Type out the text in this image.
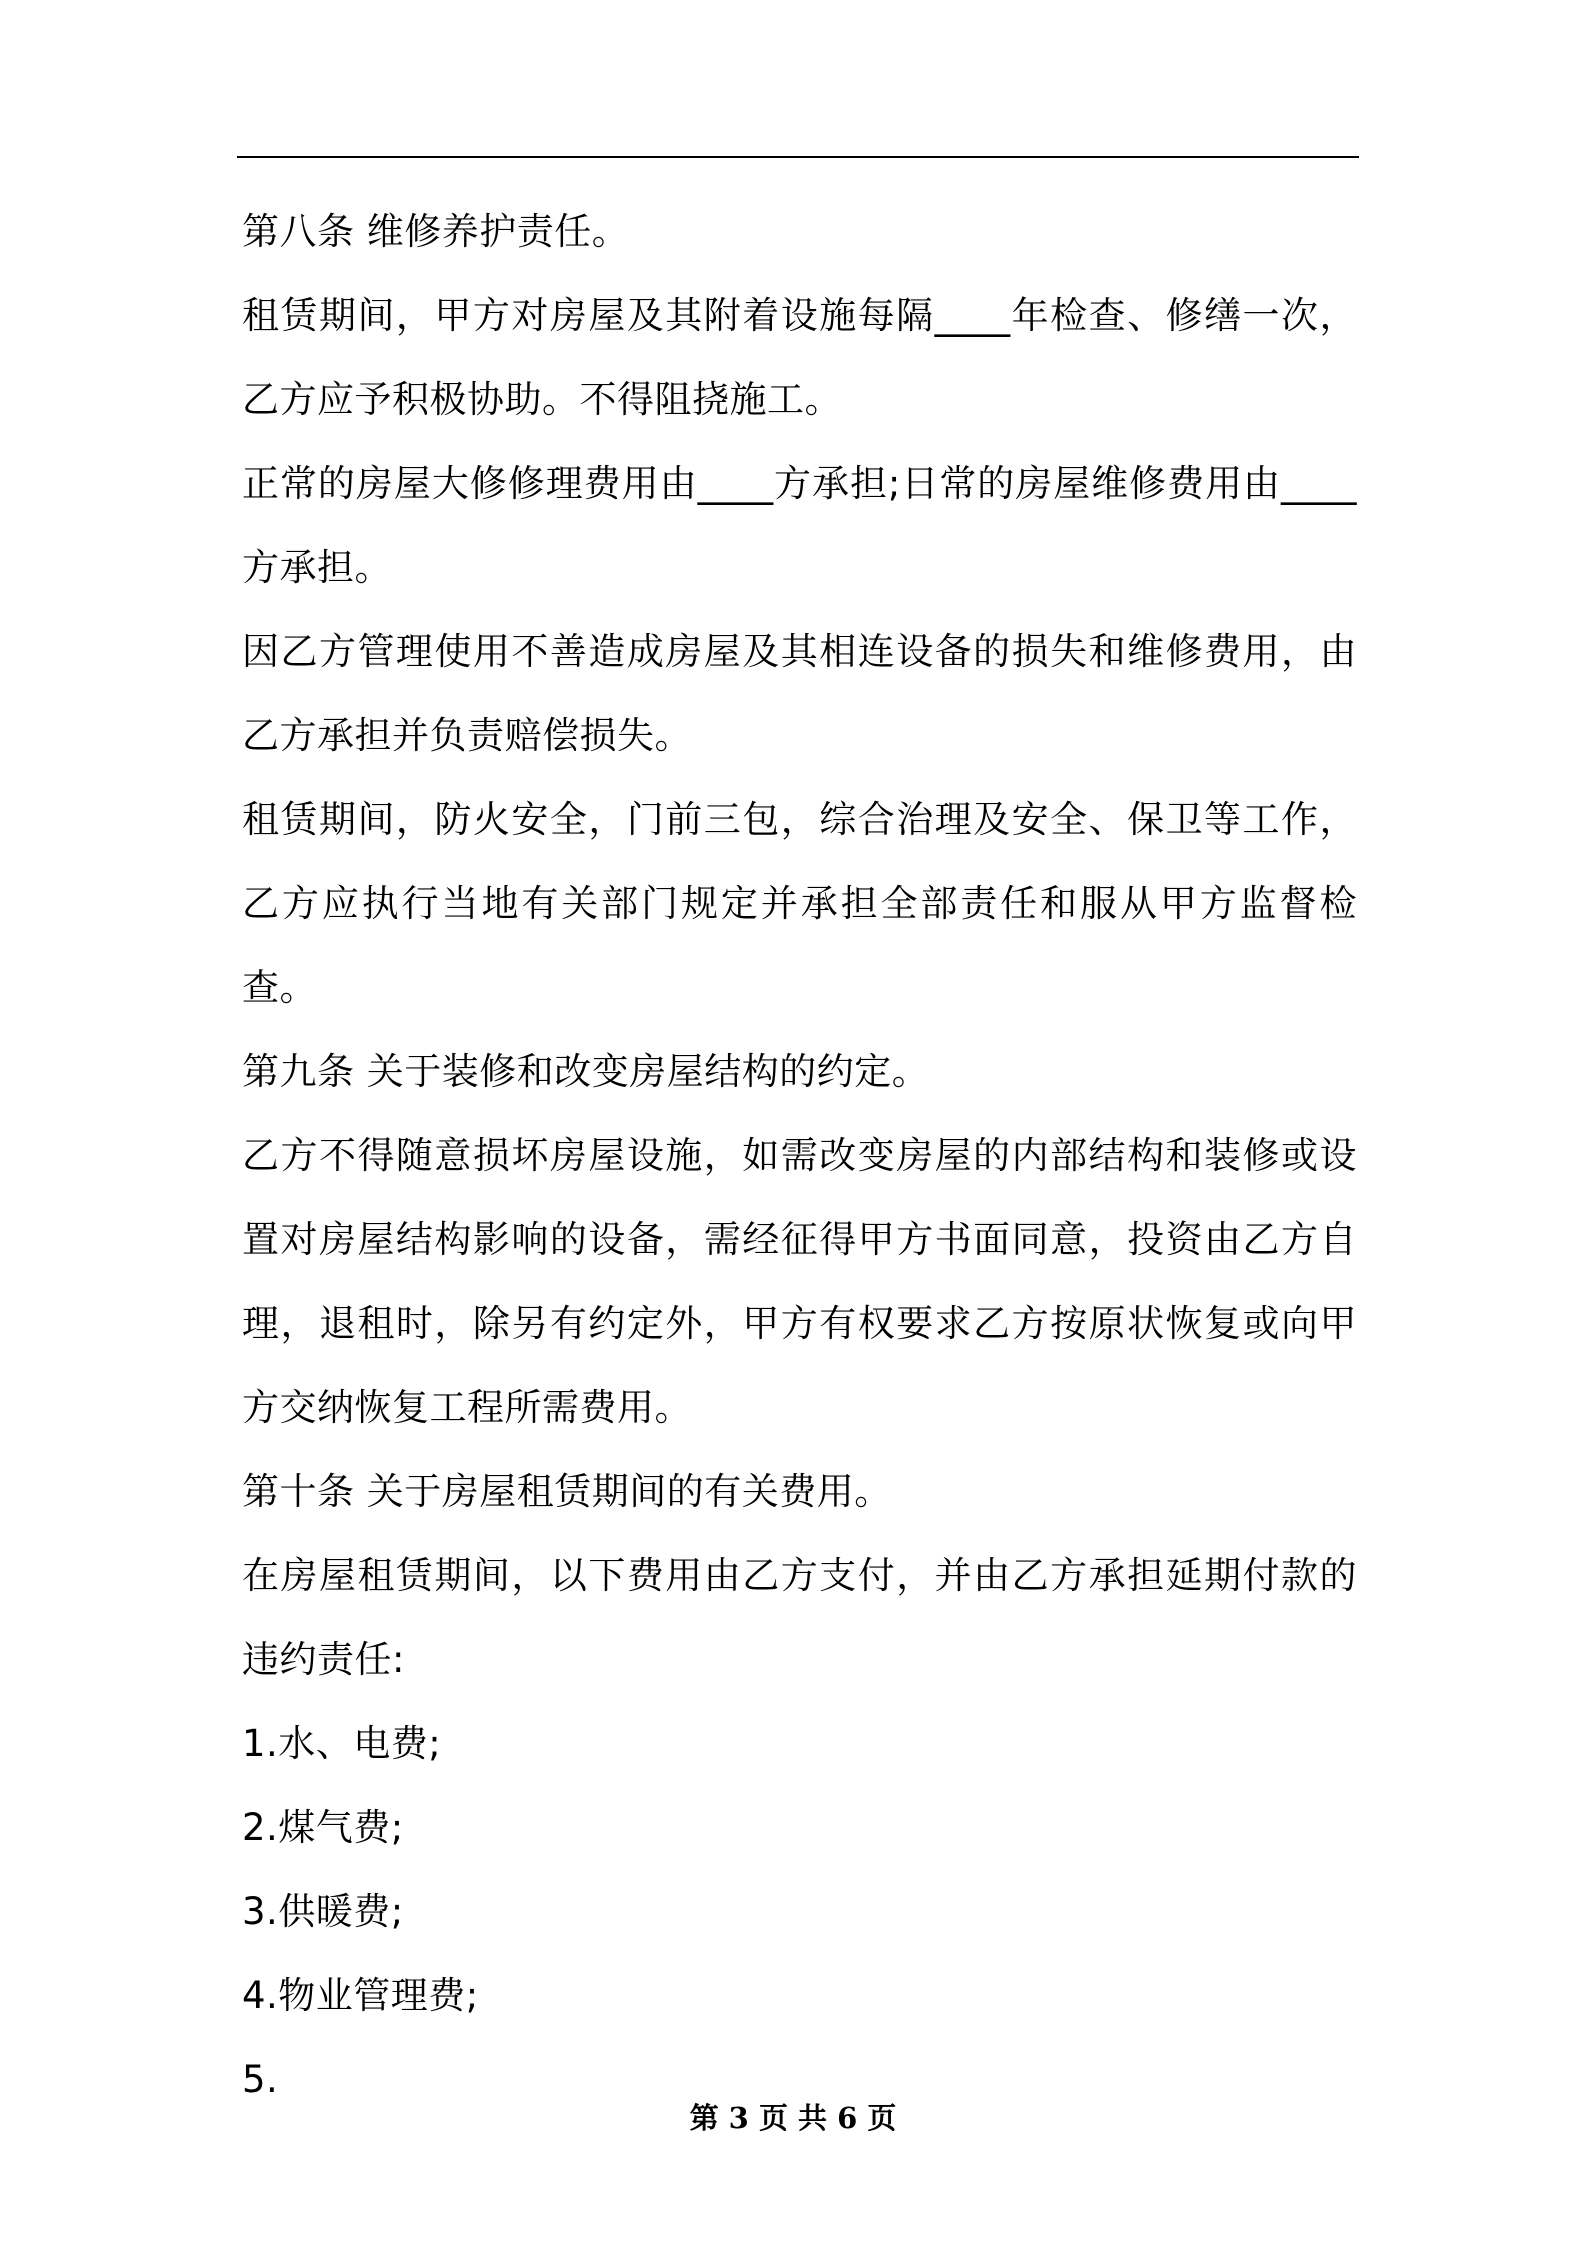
第八条 维修养护责任。

租赁期间，甲方对房屋及其附着设施每隔____年检查、修缮一次，乙方应予积极协助。不得阻挠施工。

正常的房屋大修修理费用由____方承担;日常的房屋维修费用由____方承担。

因乙方管理使用不善造成房屋及其相连设备的损失和维修费用，由乙方承担并负责赔偿损失。

租赁期间，防火安全，门前三包，综合治理及安全、保卫等工作，乙方应执行当地有关部门规定并承担全部责任和服从甲方监督检查。

第九条 关于装修和改变房屋结构的约定。

乙方不得随意损坏房屋设施，如需改变房屋的内部结构和装修或设置对房屋结构影响的设备，需经征得甲方书面同意，投资由乙方自理，退租时，除另有约定外，甲方有权要求乙方按原状恢复或向甲方交纳恢复工程所需费用。

第十条 关于房屋租赁期间的有关费用。

在房屋租赁期间，以下费用由乙方支付，并由乙方承担延期付款的违约责任:

1.水、电费;

2.煤气费;

3.供暖费;

4.物业管理费;

5.

第 3 页 共 6 页
